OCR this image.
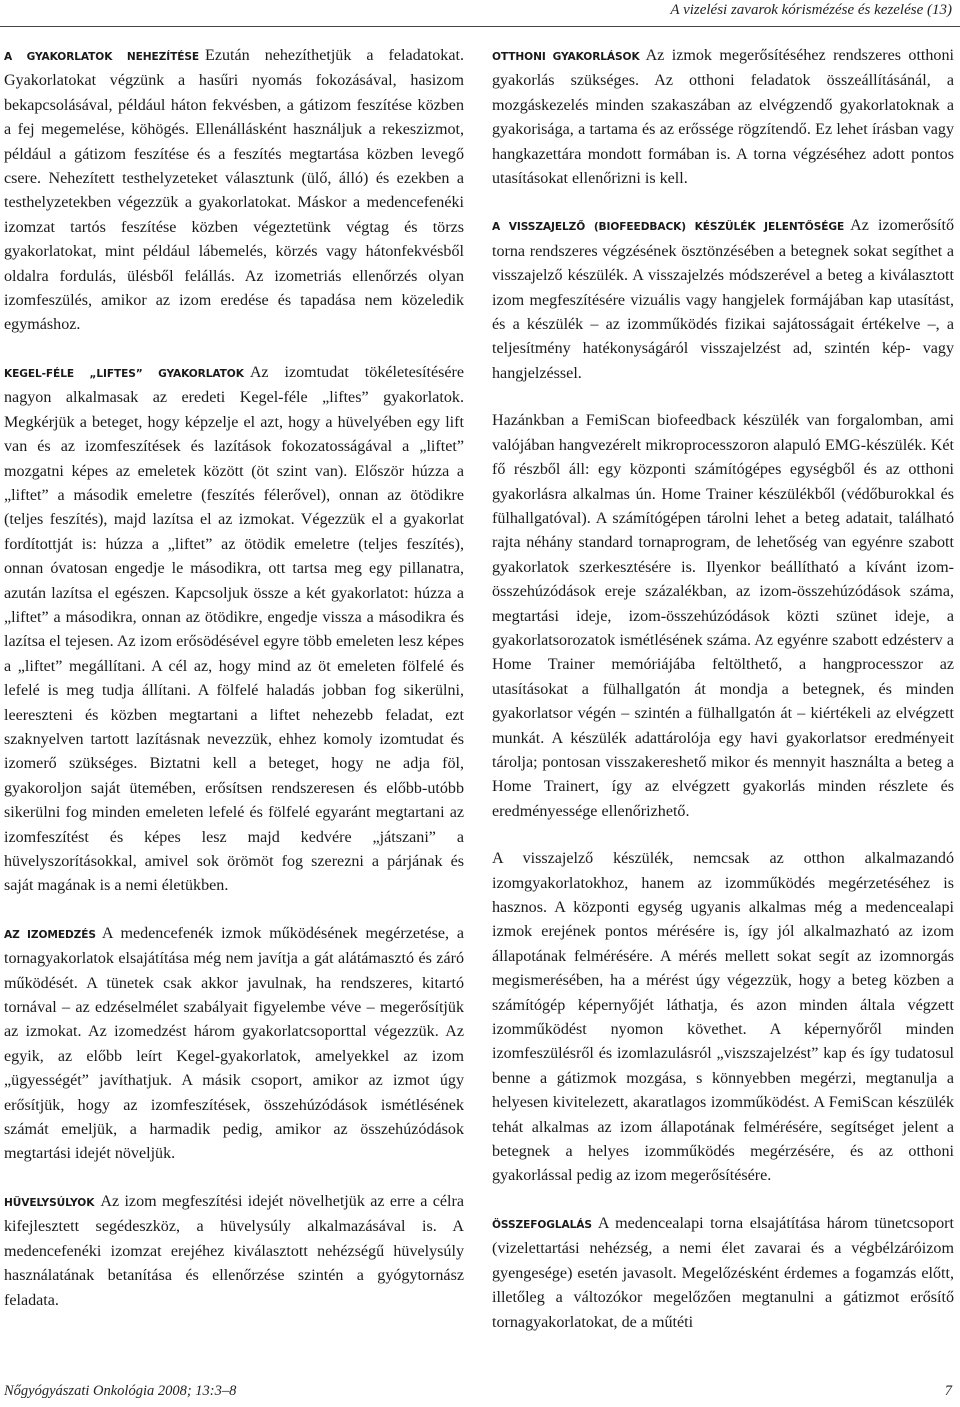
A vizelési zavarok kórismézése és kezelése (13)

A GYAKORLATOK NEHEZÍTÉSE Ezután nehezíthetjük a feladatokat. Gyakorlatokat végzünk a hasűri nyomás fokozásával, hasizom bekapcsolásával, például háton fekvésben, a gátizom feszítése közben a fej megemelése, köhögés. Ellenállásként használjuk a rekeszizmot, például a gátizom feszítése és a feszítés megtartása közben levegő csere. Nehezített testhelyzeteket választunk (ülő, álló) és ezekben a testhelyzetekben végezzük a gyakorlatokat. Máskor a medencefenéki izomzat tartós feszítése közben végeztetünk végtag és törzs gyakorlatokat, mint például lábemelés, körzés vagy hátonfekvésből oldalra fordulás, ülésből felállás. Az izometriás ellenőrzés olyan izomfeszülés, amikor az izom eredése és tapadása nem közeledik egymáshoz.

KEGEL-FÉLE „LIFTES” GYAKORLATOK Az izomtudat tökéletesítésére nagyon alkalmasak az eredeti Kegel-féle „liftes” gyakorlatok. Megkérjük a beteget, hogy képzelje el azt, hogy a hüvelyében egy lift van és az izomfeszítések és lazítások fokozatosságával a „liftet” mozgatni képes az emeletek között (öt szint van). Először húzza a „liftet” a második emeletre (feszítés félerővel), onnan az ötödikre (teljes feszítés), majd lazítsa el az izmokat. Végezzük el a gyakorlat fordítottját is: húzza a „liftet” az ötödik emeletre (teljes feszítés), onnan óvatosan engedje le másodikra, ott tartsa meg egy pillanatra, azután lazítsa el egészen. Kapcsoljuk össze a két gyakorlatot: húzza a „liftet” a másodikra, onnan az ötödikre, engedje vissza a másodikra és lazítsa el tejesen. Az izom erősödésével egyre több emeleten lesz képes a „liftet” megállítani. A cél az, hogy mind az öt emeleten fölfelé és lefelé is meg tudja állítani. A fölfelé haladás jobban fog sikerülni, leereszteni és közben megtartani a liftet nehezebb feladat, ezt szaknyelven tartott lazításnak nevezzük, ehhez komoly izomtudat és izomerő szükséges. Biztatni kell a beteget, hogy ne adja föl, gyakoroljon saját ütemében, erősítsen rendszeresen és előbb-utóbb sikerülni fog minden emeleten lefelé és fölfelé egyaránt megtartani az izomfeszítést és képes lesz majd kedvére „játszani” a hüvelyszorításokkal, amivel sok örömöt fog szerezni a párjának és saját magának is a nemi életükben.

AZ IZOMEDZÉS A medencefenék izmok működésének megérzetése, a tornagyakorlatok elsajátítása még nem javítja a gát alátámasztó és záró működését. A tünetek csak akkor javulnak, ha rendszeres, kitartó tornával – az edzéselmélet szabályait figyelembe véve – megerősítjük az izmokat. Az izomedzést három gyakorlatcsoporttal végezzük. Az egyik, az előbb leírt Kegel-gyakorlatok, amelyekkel az izom „ügyességét” javíthatjuk. A másik csoport, amikor az izmot úgy erősítjük, hogy az izomfeszítések, összehúzódások ismétlésének számát emeljük, a harmadik pedig, amikor az összehúzódások megtartási idejét növeljük.

HÜVELYSÚLYOK Az izom megfeszítési idejét növelhetjük az erre a célra kifejlesztett segédeszköz, a hüvelysúly alkalmazásával is. A medencefenéki izomzat erejéhez kiválasztott nehézségű hüvelysúly használatának betanítása és ellenőrzése szintén a gyógytornász feladata.

OTTHONI GYAKORLÁSOK Az izmok megerősítéséhez rendszeres otthoni gyakorlás szükséges. Az otthoni feladatok összeállításánál, a mozgáskezelés minden szakaszában az elvégzendő gyakorlatoknak a gyakorisága, a tartama és az erőssége rögzítendő. Ez lehet írásban vagy hangkazettára mondott formában is. A torna végzéséhez adott pontos utasításokat ellenőrizni is kell.

A VISSZAJELZŐ (BIOFEEDBACK) KÉSZÜLÉK JELENTŐSÉGE Az izomerősítő torna rendszeres végzésének ösztönzésében a betegnek sokat segíthet a visszajelző készülék. A visszajelzés módszerével a beteg a kiválasztott izom megfeszítésére vizuális vagy hangjelek formájában kap utasítást, és a készülék – az izomműködés fizikai sajátosságait értékelve –, a teljesítmény hatékonyságáról visszajelzést ad, szintén kép- vagy hangjelzéssel.

Hazánkban a FemiScan biofeedback készülék van forgalomban, ami valójában hangvezérelt mikroprocesszoron alapuló EMG-készülék. Két fő részből áll: egy központi számítógépes egységből és az otthoni gyakorlásra alkalmas ún. Home Trainer készülékből (védőburokkal és fülhallgatóval). A számítógépen tárolni lehet a beteg adatait, található rajta néhány standard tornaprogram, de lehetőség van egyénre szabott gyakorlatok szerkesztésére is. Ilyenkor beállítható a kívánt izom-összehúzódások ereje százalékban, az izom-összehúzódások száma, megtartási ideje, izom-összehúzódások közti szünet ideje, a gyakorlatsorozatok ismétlésének száma. Az egyénre szabott edzésterv a Home Trainer memóriájába feltölthető, a hangprocesszor az utasításokat a fülhallgatón át mondja a betegnek, és minden gyakorlatsor végén – szintén a fülhallgatón át – kiértékeli az elvégzett munkát. A készülék adattárolója egy havi gyakorlatsor eredményeit tárolja; pontosan visszakereshető mikor és mennyit használta a beteg a Home Trainert, így az elvégzett gyakorlás minden részlete és eredményessége ellenőrizhető.

A visszajelző készülék, nemcsak az otthon alkalmazandó izomgyakorlatokhoz, hanem az izomműködés megérzetéséhez is hasznos. A központi egység ugyanis alkalmas még a medencealapi izmok erejének pontos mérésére is, így jól alkalmazható az izom állapotának felmérésére. A mérés mellett sokat segít az izomnorgás megismerésében, ha a mérést úgy végezzük, hogy a beteg közben a számítógép képernyőjét láthatja, és azon minden általa végzett izomműködést nyomon követhet. A képernyőről minden izomfeszülésről és izomlazulásról „viszszajelzést” kap és így tudatosul benne a gátizmok mozgása, s könnyebben megérzi, megtanulja a helyesen kivitelezett, akaratlagos izomműködést. A FemiScan készülék tehát alkalmas az izom állapotának felmérésére, segítséget jelent a betegnek a helyes izomműködés megérzésére, és az otthoni gyakorlással pedig az izom megerősítésére.

ÖSSZEFOGLALÁS A medencealapi torna elsajátítása három tünetcsoport (vizelettartási nehézség, a nemi élet zavarai és a végbélzáróizom gyengesége) esetén javasolt. Megelőzésként érdemes a fogamzás előtt, illetőleg a változókor megelőzően megtanulni a gátizmot erősítő tornagyakorlatokat, de a műtéti

Nőgyógyászati Onkológia 2008; 13:3–8	7
